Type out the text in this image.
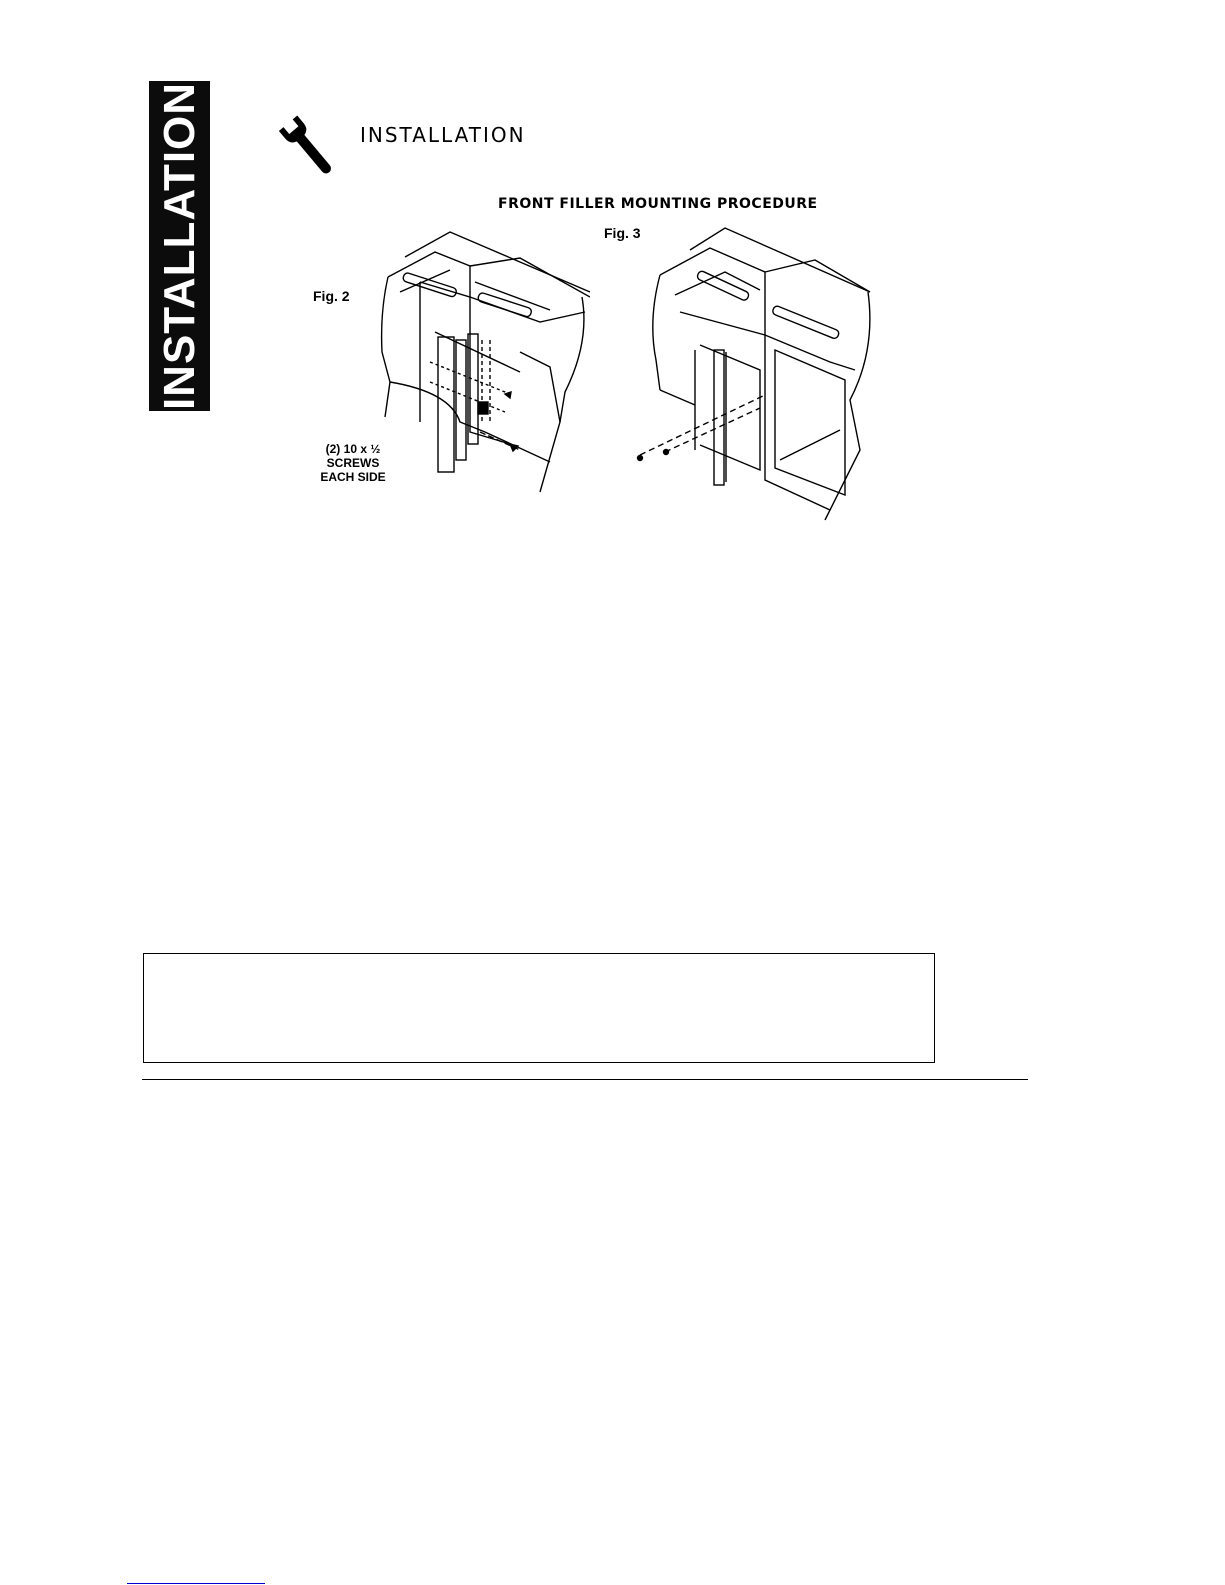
INSTALLATION	INSTALLATION
FRONT FILLER MOUNTING PROCEDURE
Fig. 2
Fig. 3
(2) 10 x ½
SCREWS
EACH SIDE
